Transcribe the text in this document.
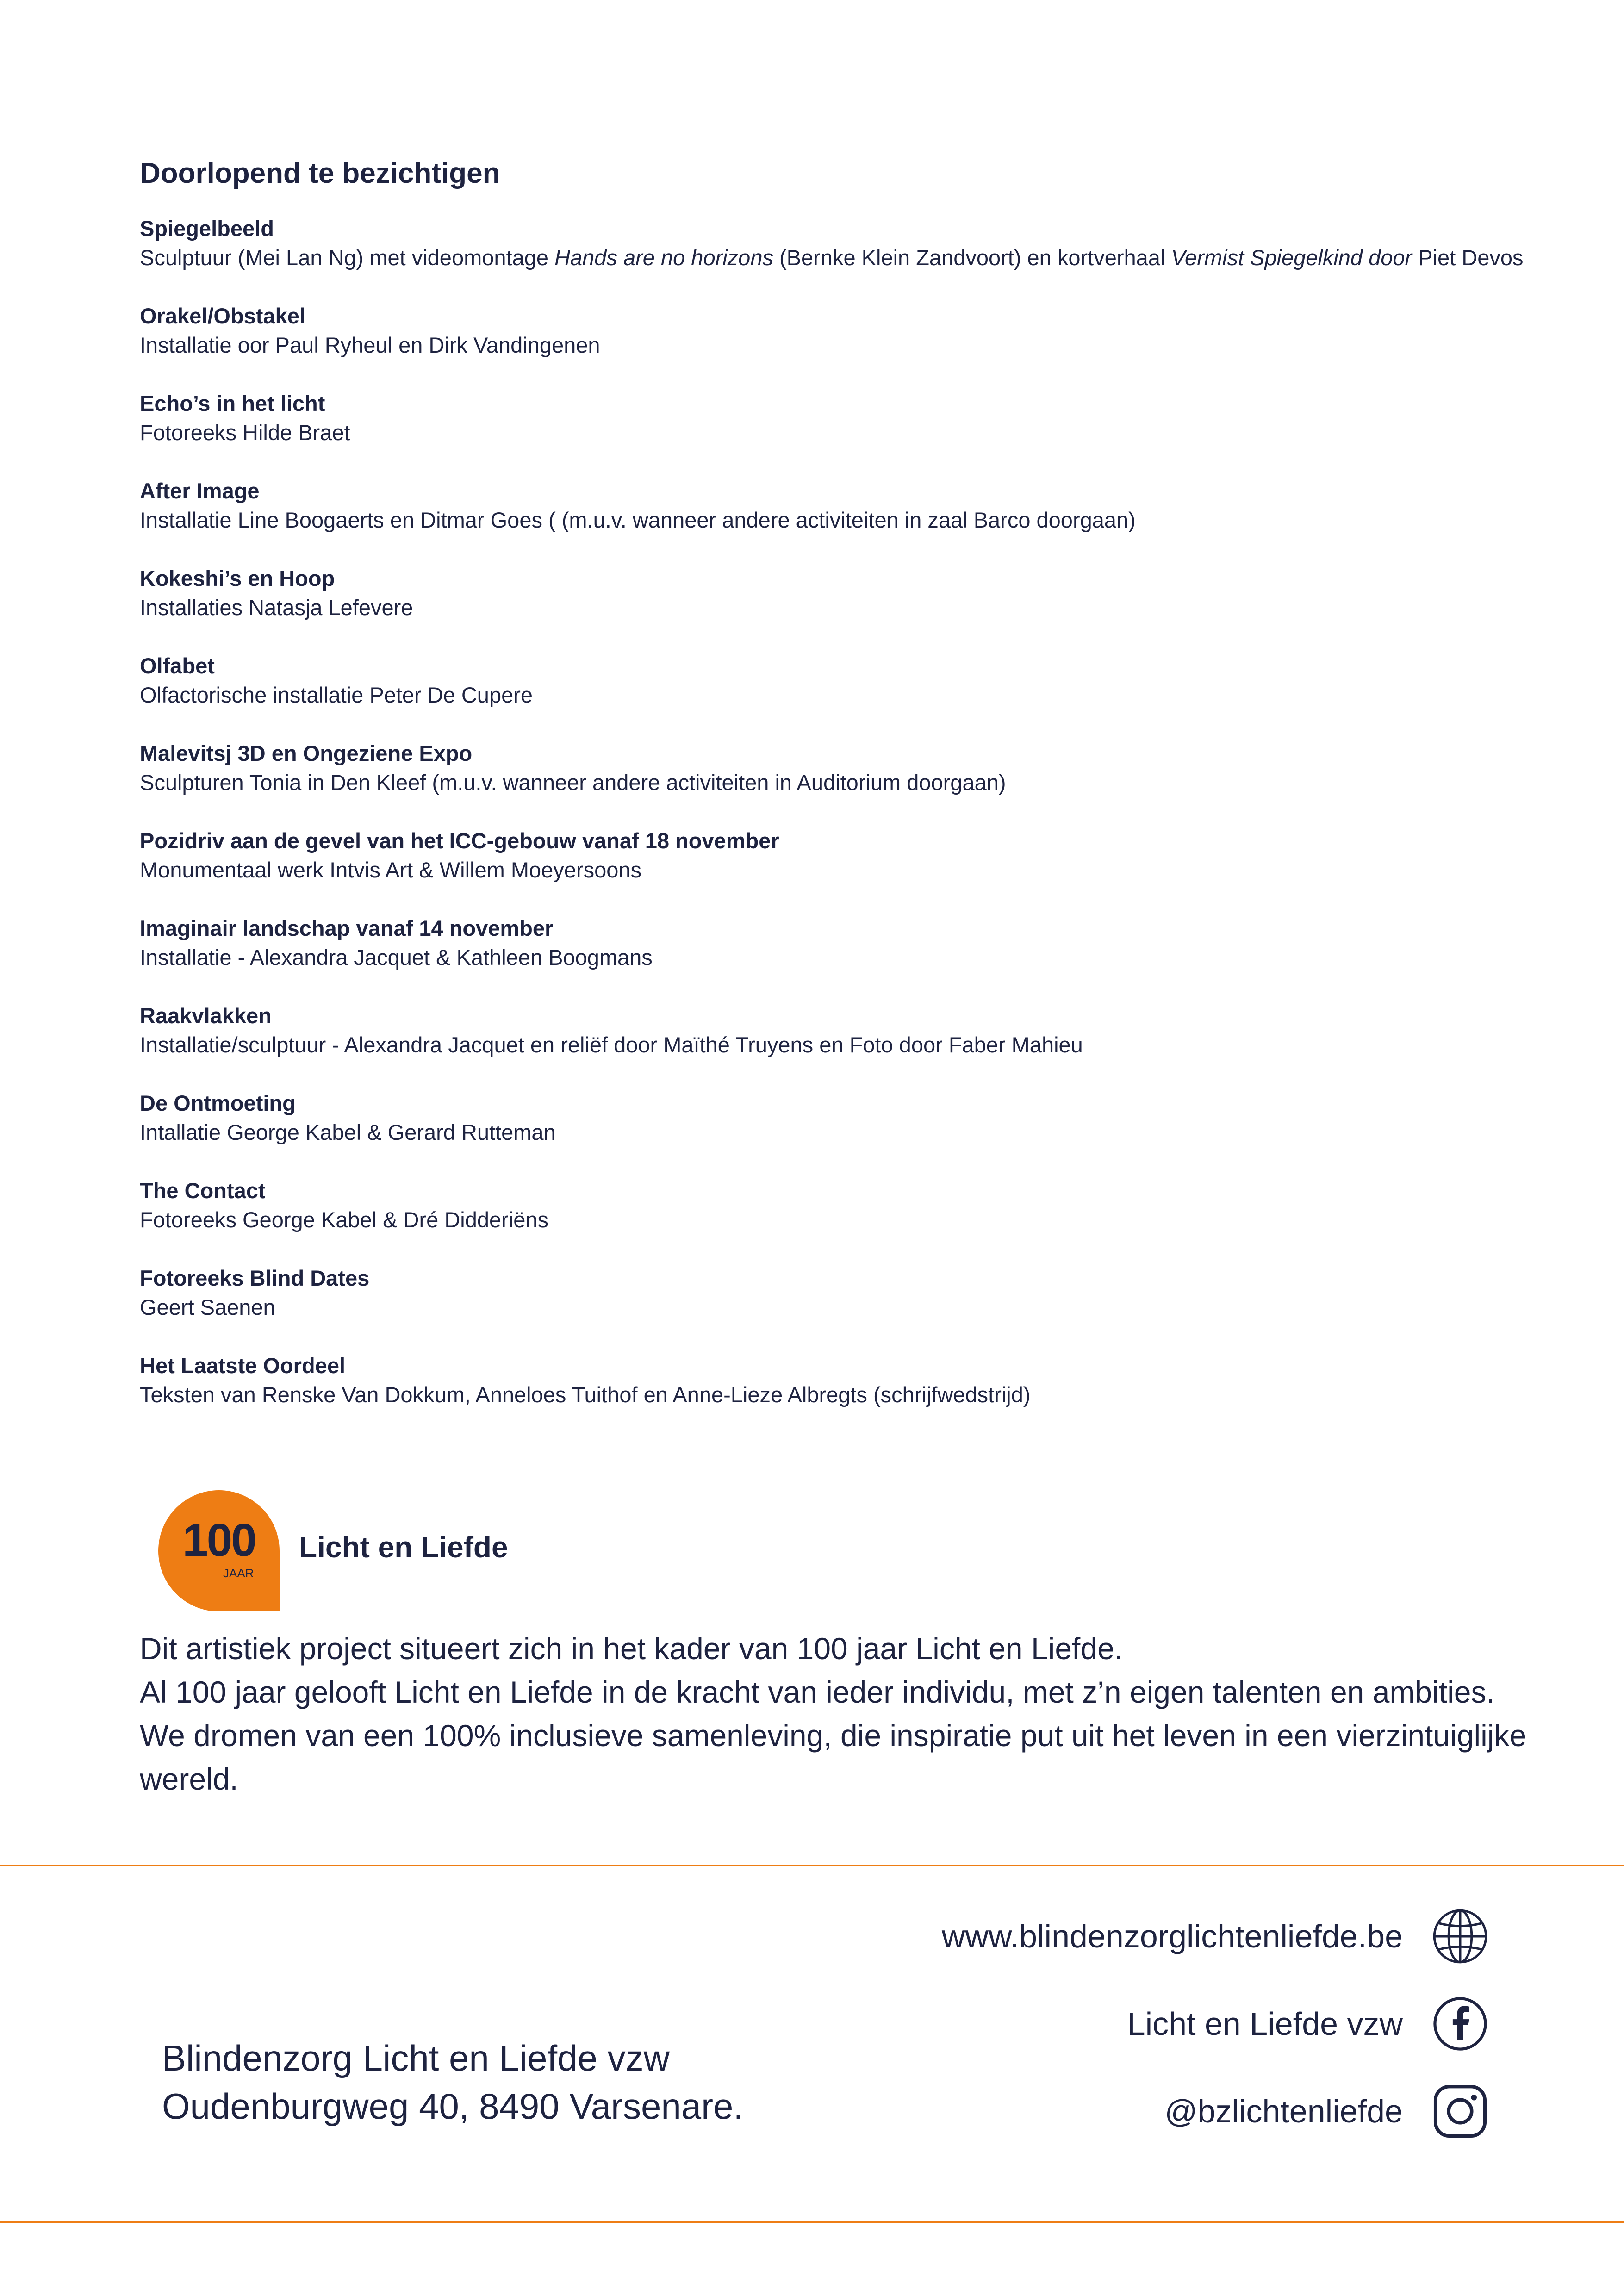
Doorlopend te bezichtigen
Spiegelbeeld
Sculptuur (Mei Lan Ng) met videomontage Hands are no horizons (Bernke Klein Zandvoort) en kortverhaal Vermist Spiegelkind door Piet Devos
Orakel/Obstakel
Installatie oor Paul Ryheul en Dirk Vandingenen
Echo’s in het licht
Fotoreeks Hilde Braet
After Image
Installatie Line Boogaerts en Ditmar Goes ( (m.u.v. wanneer andere activiteiten in zaal Barco doorgaan)
Kokeshi’s en Hoop
Installaties Natasja Lefevere
Olfabet
Olfactorische installatie Peter De Cupere
Malevitsj 3D en Ongeziene Expo
Sculpturen Tonia in Den Kleef (m.u.v. wanneer andere activiteiten in Auditorium doorgaan)
Pozidriv aan de gevel van het ICC-gebouw vanaf 18 november
Monumentaal werk Intvis Art & Willem Moeyersoons
Imaginair landschap vanaf 14 november
Installatie - Alexandra Jacquet & Kathleen Boogmans
Raakvlakken
Installatie/sculptuur - Alexandra Jacquet en reliëf door Maïthé Truyens en Foto door Faber Mahieu
De Ontmoeting
Intallatie George Kabel & Gerard Rutteman
The Contact
Fotoreeks George Kabel & Dré Didderiëns
Fotoreeks Blind Dates
Geert Saenen
Het Laatste Oordeel
Teksten van Renske Van Dokkum, Anneloes Tuithof en Anne-Lieze Albregts (schrijfwedstrijd)
100
JAAR
Licht en Liefde

Dit artistiek project situeert zich in het kader van 100 jaar Licht en Liefde.

Al 100 jaar gelooft Licht en Liefde in de kracht van ieder individu, met z’n eigen talenten en ambities. We dromen van een 100% inclusieve samenleving, die inspiratie put uit het leven in een vierzintuiglijke wereld.

Blindenzorg Licht en Liefde vzw
Oudenburgweg 40, 8490 Varsenare.
www.blindenzorglichtenliefde.be
Licht en Liefde vzw
@bzlichtenliefde
